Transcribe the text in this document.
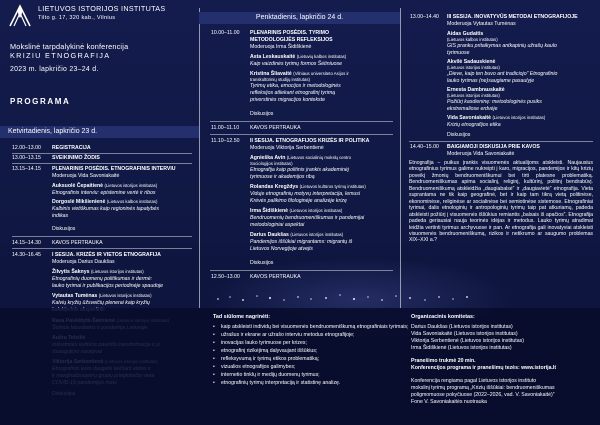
LIETUVOS ISTORIJOS INSTITUTAS
Tilto g. 17, 320 kab., Vilnius
Mokslinė tarpdalykinė konferencija
KRIZIU ETNOGRAFIJA
2023 m. lapkričio 23–24 d.
PROGRAMA
Ketvirtadienis, lapkričio 23 d.
12.00–13.00 REGISTRACIJA
13.00–13.15 SVEIKINIMO ŽODIS
13.15–14.15 PLENARINIS POSĖDIS. ETNOGRAFINIS INTERVIU
Moderuoja Vida Savoniakaitė
Auksuolė Čepaitienė (Lietuvos istorijos institutas)
Etnografinis interviu: epistemine vertė ir ribos
Dorgoslė Mikšienienė (Lietuvos kalbos institutas)
Kalbinis vietiškumas kaip regioninės tapatybės
indikas
Diskusijos
14.15–14.30 KAVOS PERTRAUKA
14.30–16.45 I SESIJA. KRIZĖS IR VIETOS ETNOGRAFIJA
Moderuoja Darius Daukšas
Žilvytis Šaknys (Lietuvos istorijos institutas)
Etnografinių duomenų politikumas ir dermė:
lauko tyrimai ir publikacijos periodinėje spaudoje
Vytautas Tumėnas (Lietuvos istorijos institutas)
Kalvių kryžių ūžsveičių plenerai kaip kryžių
Penktadienis, lapkričio 24 d.
10.00–11.00 PLENARINIS POSĖDIS. TYRIMO
METODOLOGIJĖS REFLEKSIJOS
Moderuoja Irma Šidiškienė
Asta Leskauskaitė (Lietuvių kalbos institutas)
Kaip vaizdinės tyrimų formos Šėtiniuose
Kristina Šliavaitė (Vilniaus universiteto Asijos ir
transkultūrinių studijų institutas)
Tyrimų etika, emocijos ir metodologinės
refleksijos atliekant etnografinį tyrimą
priverstinės migracijos kontekste
Diskusijos
11.00–11.10 KAVOS PERTRAUKA
11.10–12.50 II SESIJA. ETNOGRAFIJOS KRIZĖS IR POLITIKA
Moderuoja Viktorija Serbentienė
Agnieška Avin (Lietuvos socialinių mokslų centro
Sociologijos institutas)
Etnografija kaip politinis įrankis akademinėj
tyrimuose ir akademijos ribą
Rolandas Kregždys (Lietuvos kultūros tyrimų institutas)
Viduje etnografinių motyvų interpretacija, lemusi
Krėvės palikimo filologinėje analizėje krizę
Irma Šidiškienė (Lietuvos istorijos institutas)
Bendruomenių bendruomeniškumas ir pandemijai
metodologiniai aspektai
Darius Daukšas (Lietuvos istorijos institutas)
Pandemijos iššūkiai migrantams: migrantų iš
Lietuvos Norvegijoje atvejis
Diskusijos
12.50–13.00 KAVOS PERTRAUKA
13.00–14.40 III SESIJA. INOVATYVŪS METODAI ETNOGRAFIJOJE
Moderuoja Vytautas Tumėnas
Aidas Gudaitis
(Lietuvos kalbos institutas)
GIS pranku pritaikymas antkapinių užrašų kaulo
tyrimuose
Akvilė Sadauskienė
(Lietuvos istorijos institutas)
„Dieve, kaip ten buvo ant tradiciojo” Etnografinio
lauko tyrimas (ne)saugiame pasaulyje
Ernesta Dambrauskaitė
(Lietuvos istorijos institutas)
Požiūrį kasdieninę: metodologinės pusiks
ekstremaliose erdvėje
Vida Savoniakaitė (Lietuvos istorijos institutas)
Krizių etnografijos etika
Diskusijos
14.40–15.00 BAIGIAMOJI DISKUSIJA PRIE KAVOS
Moderuoja Vida Savoniakaitė
Etnografija – puikus įrankis visuomenės aktualijoms atskleisti. Naujausius etnografinius tyrimus galime nukreipti į karo, migracijos, pandemijos ir kitų krizių poveikį žmonių bendruomeniškumui bei tirti platesne problematiką. Bendruomeniškumas apima socialinį, religinį, kultūrinį, politinį bendrabūvį. Bendruomeniškumą atskleidžia „daugiabalsė” ir „daugiavietė” etnografija. Vieta suprantama ne tik kaip geografinė, bet ir kaip tam tikrą vietą politinėse, ekonominėse, religinėse ar socialinėse bei semiotinėse sistemose. Etnografiniai tyrimai, dalis etnologinių ir antropologinių tyrimų taip pat atkuriamų, padeda atskleisti požiūrį į visuomenės iššūkius remiantis „balsais iš apačios”. Etnografija padeda geriausiai nauja teorinės idėjas ir metodus. Lauko tyrimų atradimai leidžia vertinti tyrimus archyvuose ir pan. Ar etnografija gali inovatyviai atskleisti visuomenės bendruomeniškumą, rizikos ir netikrumo ar saugumo problemas XIX–XXI a.?
Tad siūlome nagrinėti:
• kaip atskleisti individų bei visuomenės bendruomeniškumą etnografiniais tyrimais;
• užrašus ir ekrane ar užrašo interviu metodus etnografijoje;
• inovacijas lauko tyrimuose per krizes;
• etnografinį rizikėjimą dalyvaujant iššūkius;
• refleksyvumą ir tyrimų etikos problematiką;
• vizualios etnografijos galimybes;
• internetio tinklų ir medijų duomenų tyrimus;
• etnografinių tyrimų interpretaciją ir statistinę analizę.
Organizacinis komitetas:
Darius Daukšas (Lietuvos istorijos institutas)
Vida Savoniakaitė (Lietuvos istorijos institutas)
Viktorija Serbentienė (Lietuvos istorijos institutas)
Irma Šidiškienė (Lietuvos istorijos institutas)
Pranešimo trukmė 20 min.
Konferencijos programa ir pranešimų tezės: www.istorija.lt
Konferencija rengiama pagal Lietuvos istorijos instituto
mokslinį tyrimų programą „Krizių iššūkiai: bendruomeniškumas
poligmomuose pokyčiuose (2022–2026, vad. V. Savoniakaitė)”
Fone V. Savoniakaitės nuotrauka
